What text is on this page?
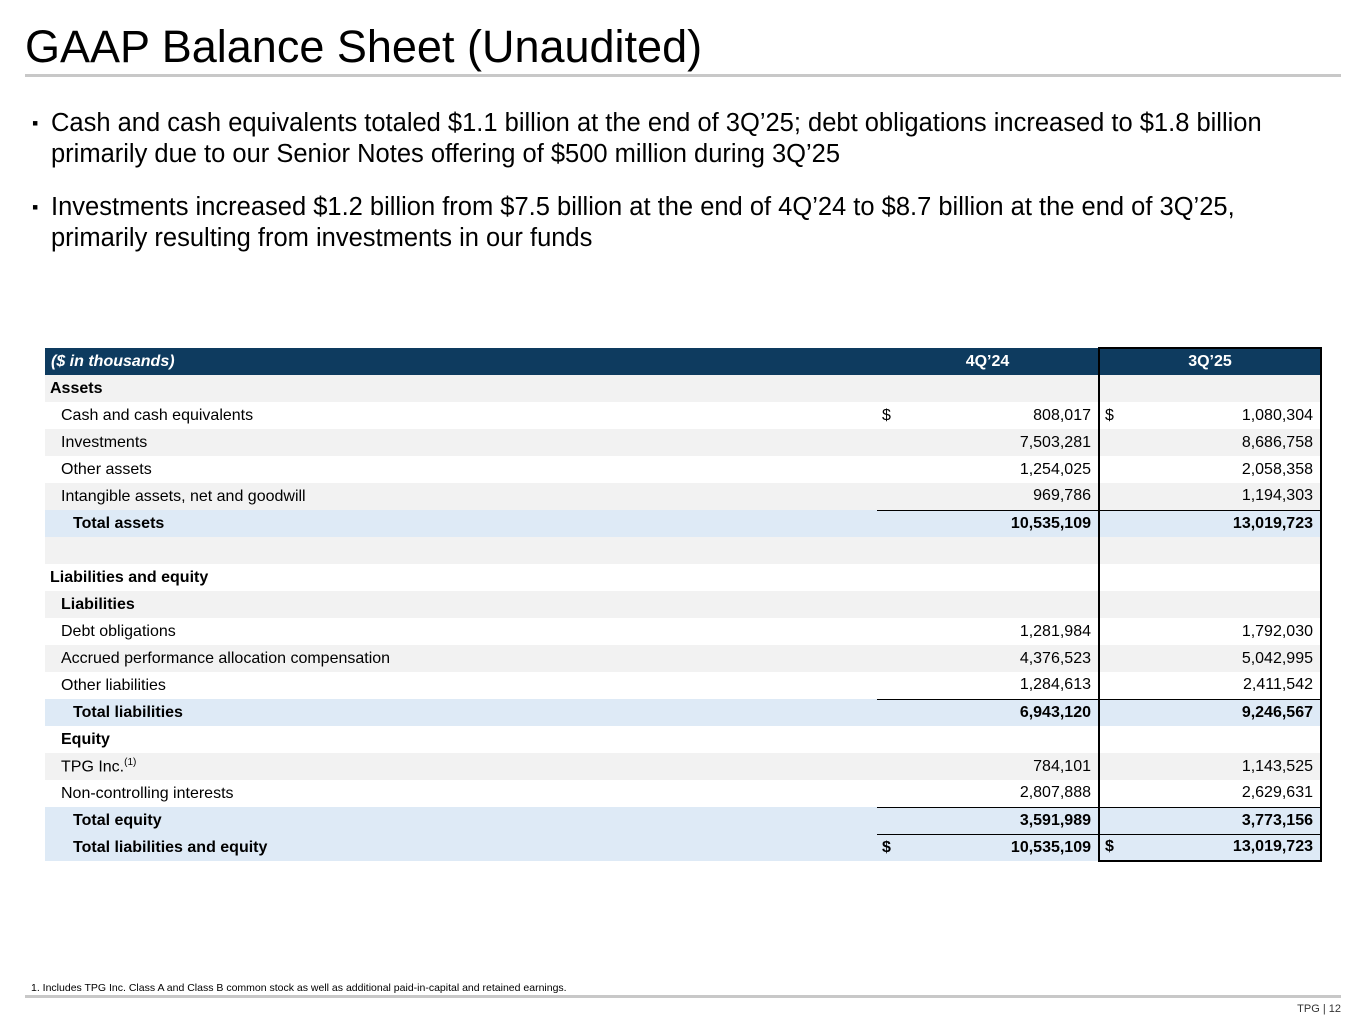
GAAP Balance Sheet (Unaudited)
▪ Cash and cash equivalents totaled $1.1 billion at the end of 3Q’25; debt obligations increased to $1.8 billion primarily due to our Senior Notes offering of $500 million during 3Q’25
▪ Investments increased $1.2 billion from $7.5 billion at the end of 4Q’24 to $8.7 billion at the end of 3Q’25, primarily resulting from investments in our funds
($ in thousands)	4Q’24	3Q’25
Assets		
Cash and cash equivalents	$ 808,017	$ 1,080,304
Investments	7,503,281	8,686,758
Other assets	1,254,025	2,058,358
Intangible assets, net and goodwill	969,786	1,194,303
Total assets	10,535,109	13,019,723

Liabilities and equity		
Liabilities		
Debt obligations	1,281,984	1,792,030
Accrued performance allocation compensation	4,376,523	5,042,995
Other liabilities	1,284,613	2,411,542
Total liabilities	6,943,120	9,246,567
Equity		
TPG Inc.$^{(1)}$	784,101	1,143,525
Non-controlling interests	2,807,888	2,629,631
Total equity	3,591,989	3,773,156
Total liabilities and equity	$ 10,535,109	$ 13,019,723
1. Includes TPG Inc. Class A and Class B common stock as well as additional paid-in-capital and retained earnings.
TPG | 12
